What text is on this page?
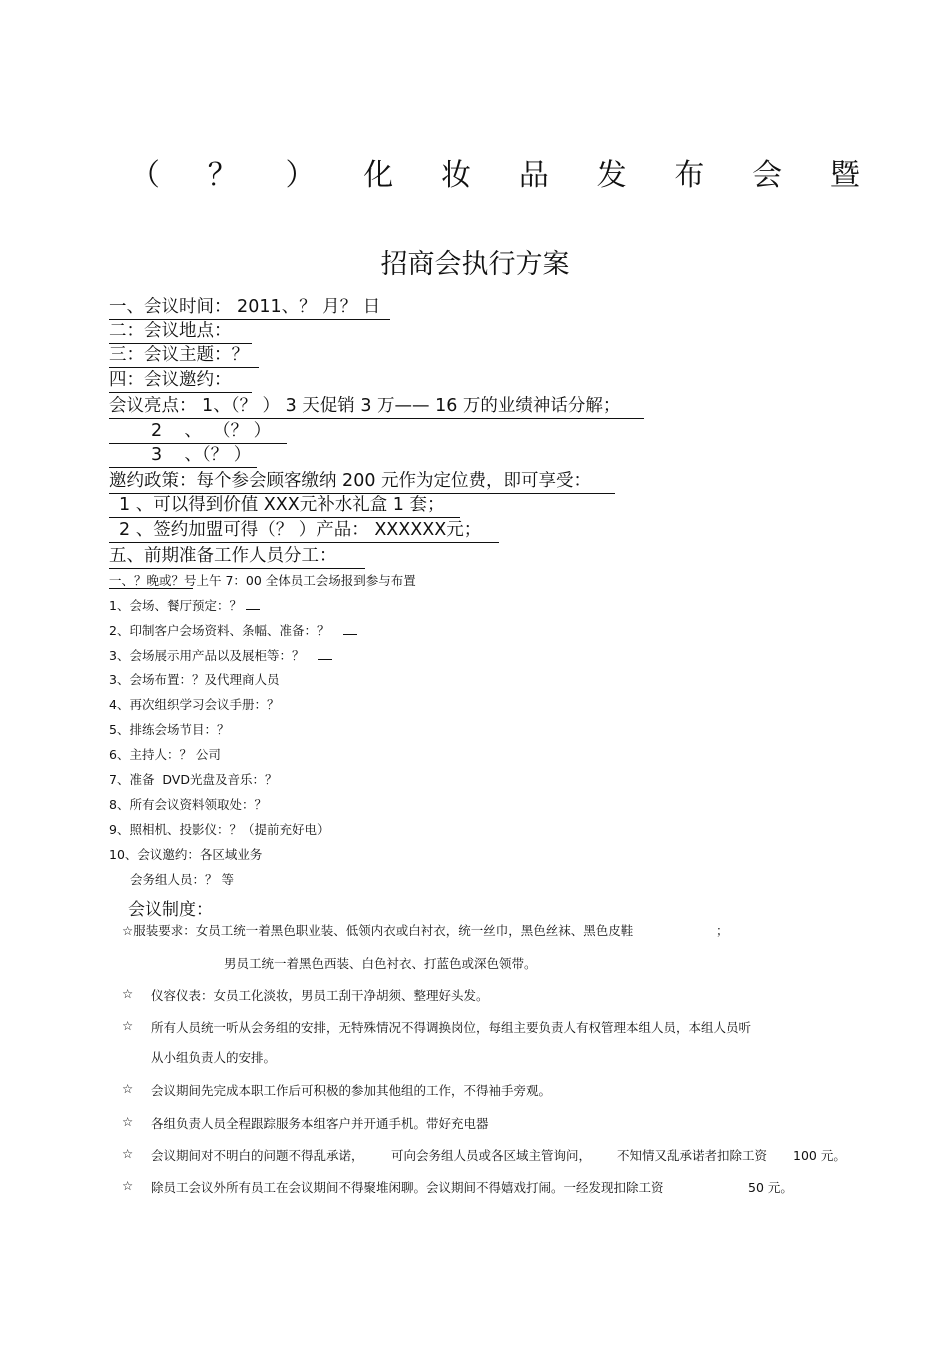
（ ？ ） 化 妆 品 发 布 会 暨
招商会执行方案
一、会议时间： 2011、？ 月？ 日
二：会议地点：
三：会议主题：？
四：会议邀约：
会议亮点： 1、（？ ） 3 天促销 3 万—— 16 万的业绩神话分解；
2    、  （？ ）
3    、（？ ）
邀约政策：每个参会顾客缴纳 200 元作为定位费，即可享受：
1 、可以得到价值 XXX元补水礼盒 1 套；
2 、签约加盟可得（？ ）产品： XXXXXX元；
五、前期准备工作人员分工：
一、？晚或？号上午 7：00 全体员工会场报到参与布置
1、会场、餐厅预定：？
2、印制客户会场资料、条幅、准备：？
3、会场展示用产品以及展柜等：？
3、会场布置：？及代理商人员
4、再次组织学习会议手册：？
5、排练会场节目：？
6、主持人：？ 公司
7、准备  DVD光盘及音乐：？
8、所有会议资料领取处：？
9、照相机、投影仪：？（提前充好电）
10、会议邀约：各区域业务
会务组人员：？ 等
会议制度：
☆服装要求：女员工统一着黑色职业装、低领内衣或白衬衣，统一丝巾，黑色丝袜、黑色皮鞋	；
男员工统一着黑色西装、白色衬衣、打蓝色或深色领带。
☆ 仪容仪表：女员工化淡妆，男员工刮干净胡须、整理好头发。
☆ 所有人员统一听从会务组的安排，无特殊情况不得调换岗位，每组主要负责人有权管理本组人员，本组人员听
从小组负责人的安排。
☆ 会议期间先完成本职工作后可积极的参加其他组的工作，不得袖手旁观。
☆ 各组负责人员全程跟踪服务本组客户并开通手机。带好充电器
☆ 会议期间对不明白的问题不得乱承诺， 可向会务组人员或各区域主管询问， 不知情又乱承诺者扣除工资 100 元。
☆ 除员工会议外所有员工在会议期间不得聚堆闲聊。会议期间不得嬉戏打闹。一经发现扣除工资	50 元。
